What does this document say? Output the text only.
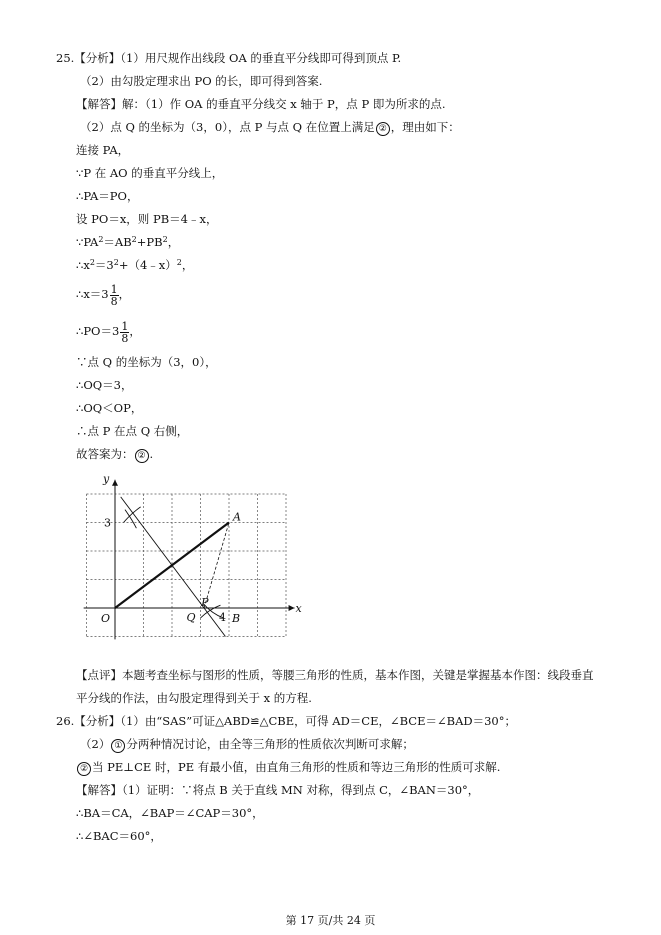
25.【分析】（1）用尺规作出线段 OA 的垂直平分线即可得到顶点 P.
（2）由勾股定理求出 PO 的长，即可得到答案.
【解答】解：（1）作 OA 的垂直平分线交 x 轴于 P，点 P 即为所求的点.
（2）点 Q 的坐标为（3，0），点 P 与点 Q 在位置上满足 ② ，理由如下：
连接 PA，
∵P 在 AO 的垂直平分线上，
∴PA＝PO，
设 PO＝x，则 PB＝4﹣x，
$\because PA^2=AB^2+PB^2$，
$\therefore x^2=3^2+(4﹣x)^2$，
∴x＝3 $\frac{1}{8}$ ，
∴PO＝3 $\frac{1}{8}$ ，
∵点 Q 的坐标为（3，0），
∴OQ＝3，
∴OQ＜OP，
∴点 P 在点 Q 右侧，
故答案为： ② .
y
x
O
A
B
P
Q
3
4
【点评】本题考查坐标与图形的性质，等腰三角形的性质，基本作图，关键是掌握基本作图：线段垂直
平分线的作法，由勾股定理得到关于 x 的方程.
26.【分析】（1）由“SAS”可证△ABD≌△CBE，可得 AD＝CE，∠BCE＝∠BAD＝30°；
（2） ① 分两种情况讨论，由全等三角形的性质依次判断可求解；
② 当 PE⊥CE 时，PE 有最小值，由直角三角形的性质和等边三角形的性质可求解.
【解答】（1）证明：∵将点 B 关于直线 MN 对称，得到点 C，∠BAN＝30°，
∴BA＝CA，∠BAP＝∠CAP＝30°，
∴∠BAC＝60°，
第 17 页/共 24 页
